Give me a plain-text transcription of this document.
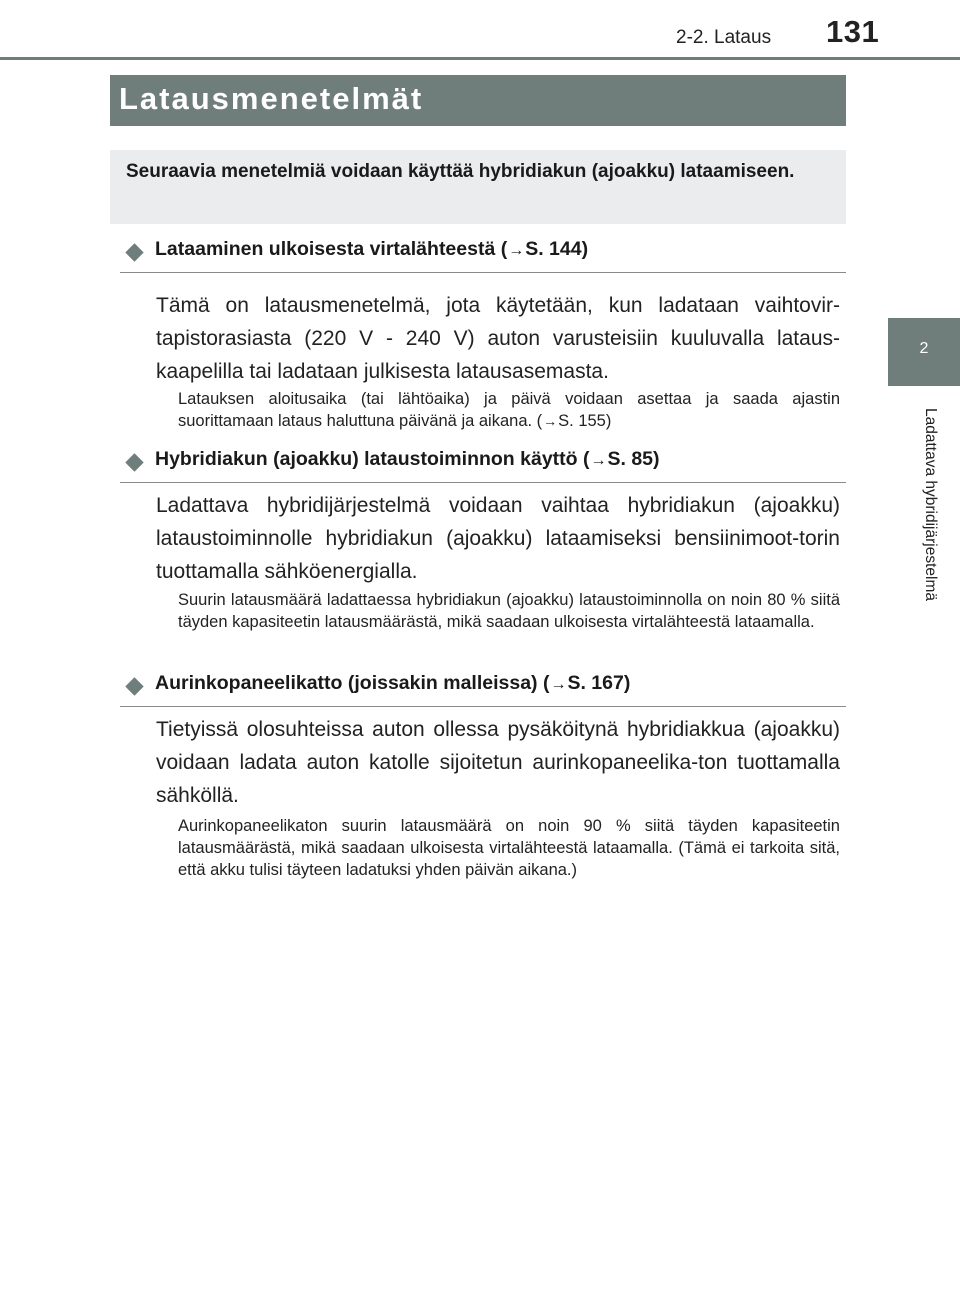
2-2. Lataus 131
2
Ladattava hybridijärjestelmä
Latausmenetelmät
Seuraavia menetelmiä voidaan käyttää hybridiakun (ajoakku) lataamiseen.
Lataaminen ulkoisesta virtalähteestä (→S. 144)
Tämä on latausmenetelmä, jota käytetään, kun ladataan vaihtovir-tapistorasiasta (220 V - 240 V) auton varusteisiin kuuluvalla lataus-kaapelilla tai ladataan julkisesta latausasemasta.
Latauksen aloitusaika (tai lähtöaika) ja päivä voidaan asettaa ja saada ajastin suorittamaan lataus haluttuna päivänä ja aikana. (→S. 155)
Hybridiakun (ajoakku) lataustoiminnon käyttö (→S. 85)
Ladattava hybridijärjestelmä voidaan vaihtaa hybridiakun (ajoakku) lataustoiminnolle hybridiakun (ajoakku) lataamiseksi bensiinimoot-torin tuottamalla sähköenergialla.
Suurin latausmäärä ladattaessa hybridiakun (ajoakku) lataustoiminnolla on noin 80 % siitä täyden kapasiteetin latausmäärästä, mikä saadaan ulkoisesta virtalähteestä lataamalla.
Aurinkopaneelikatto (joissakin malleissa) (→S. 167)
Tietyissä olosuhteissa auton ollessa pysäköitynä hybridiakkua (ajoakku) voidaan ladata auton katolle sijoitetun aurinkopaneelika-ton tuottamalla sähköllä.
Aurinkopaneelikaton suurin latausmäärä on noin 90 % siitä täyden kapasiteetin latausmäärästä, mikä saadaan ulkoisesta virtalähteestä lataamalla. (Tämä ei tarkoita sitä, että akku tulisi täyteen ladatuksi yhden päivän aikana.)
